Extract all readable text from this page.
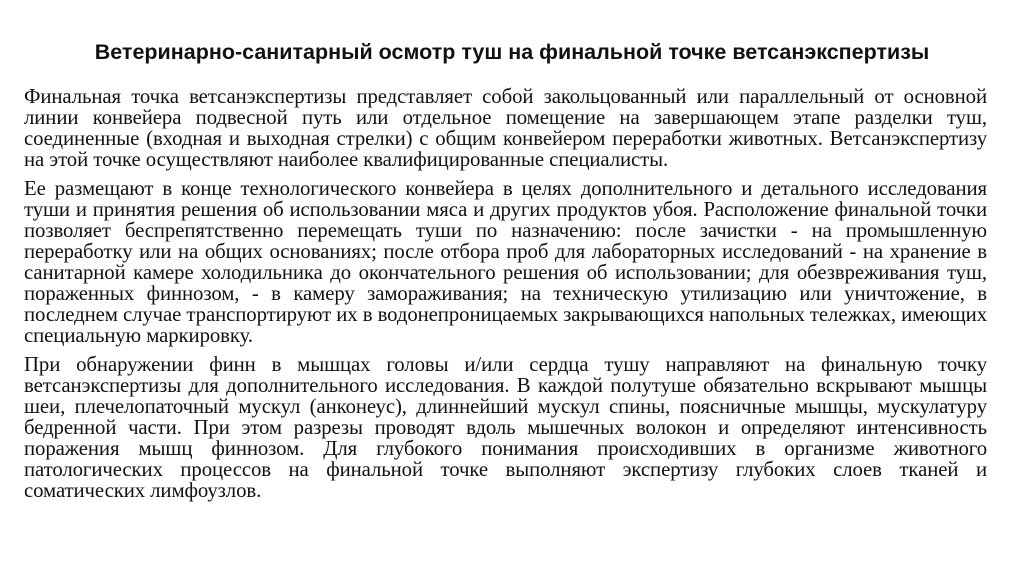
Ветеринарно-санитарный осмотр туш на финальной точке ветсанэкспертизы

Финальная точка ветсанэкспертизы представляет собой закольцованный или параллельный от основной линии конвейера подвесной путь или отдельное помещение на завершающем этапе разделки туш, соединенные (входная и выходная стрелки) с общим конвейером переработки животных. Ветсанэкспертизу на этой точке осуществляют наиболее квалифицированные специалисты.

Ее размещают в конце технологического конвейера в целях дополнительного и детального исследования туши и принятия решения об использовании мяса и других продуктов убоя. Расположение финальной точки позволяет беспрепятственно перемещать туши по назначению: после зачистки - на промышленную переработку или на общих основаниях; после отбора проб для лабораторных исследований - на хранение в санитарной камере холодильника до окончательного решения об использовании; для обезвреживания туш, пораженных финнозом, - в камеру замораживания; на техническую утилизацию или уничтожение, в последнем случае транспортируют их в водонепроницаемых закрывающихся напольных тележках, имеющих специальную маркировку.

При обнаружении финн в мышцах головы и/или сердца тушу направляют на финальную точку ветсанэкспертизы для дополнительного исследования. В каждой полутуше обязательно вскрывают мышцы шеи, плечелопаточный мускул (анконеус), длиннейший мускул спины, поясничные мышцы, мускулатуру бедренной части. При этом разрезы проводят вдоль мышечных волокон и определяют интенсивность поражения мышц финнозом. Для глубокого понимания происходивших в организме животного патологических процессов на финальной точке выполняют экспертизу глубоких слоев тканей и соматических лимфоузлов.
